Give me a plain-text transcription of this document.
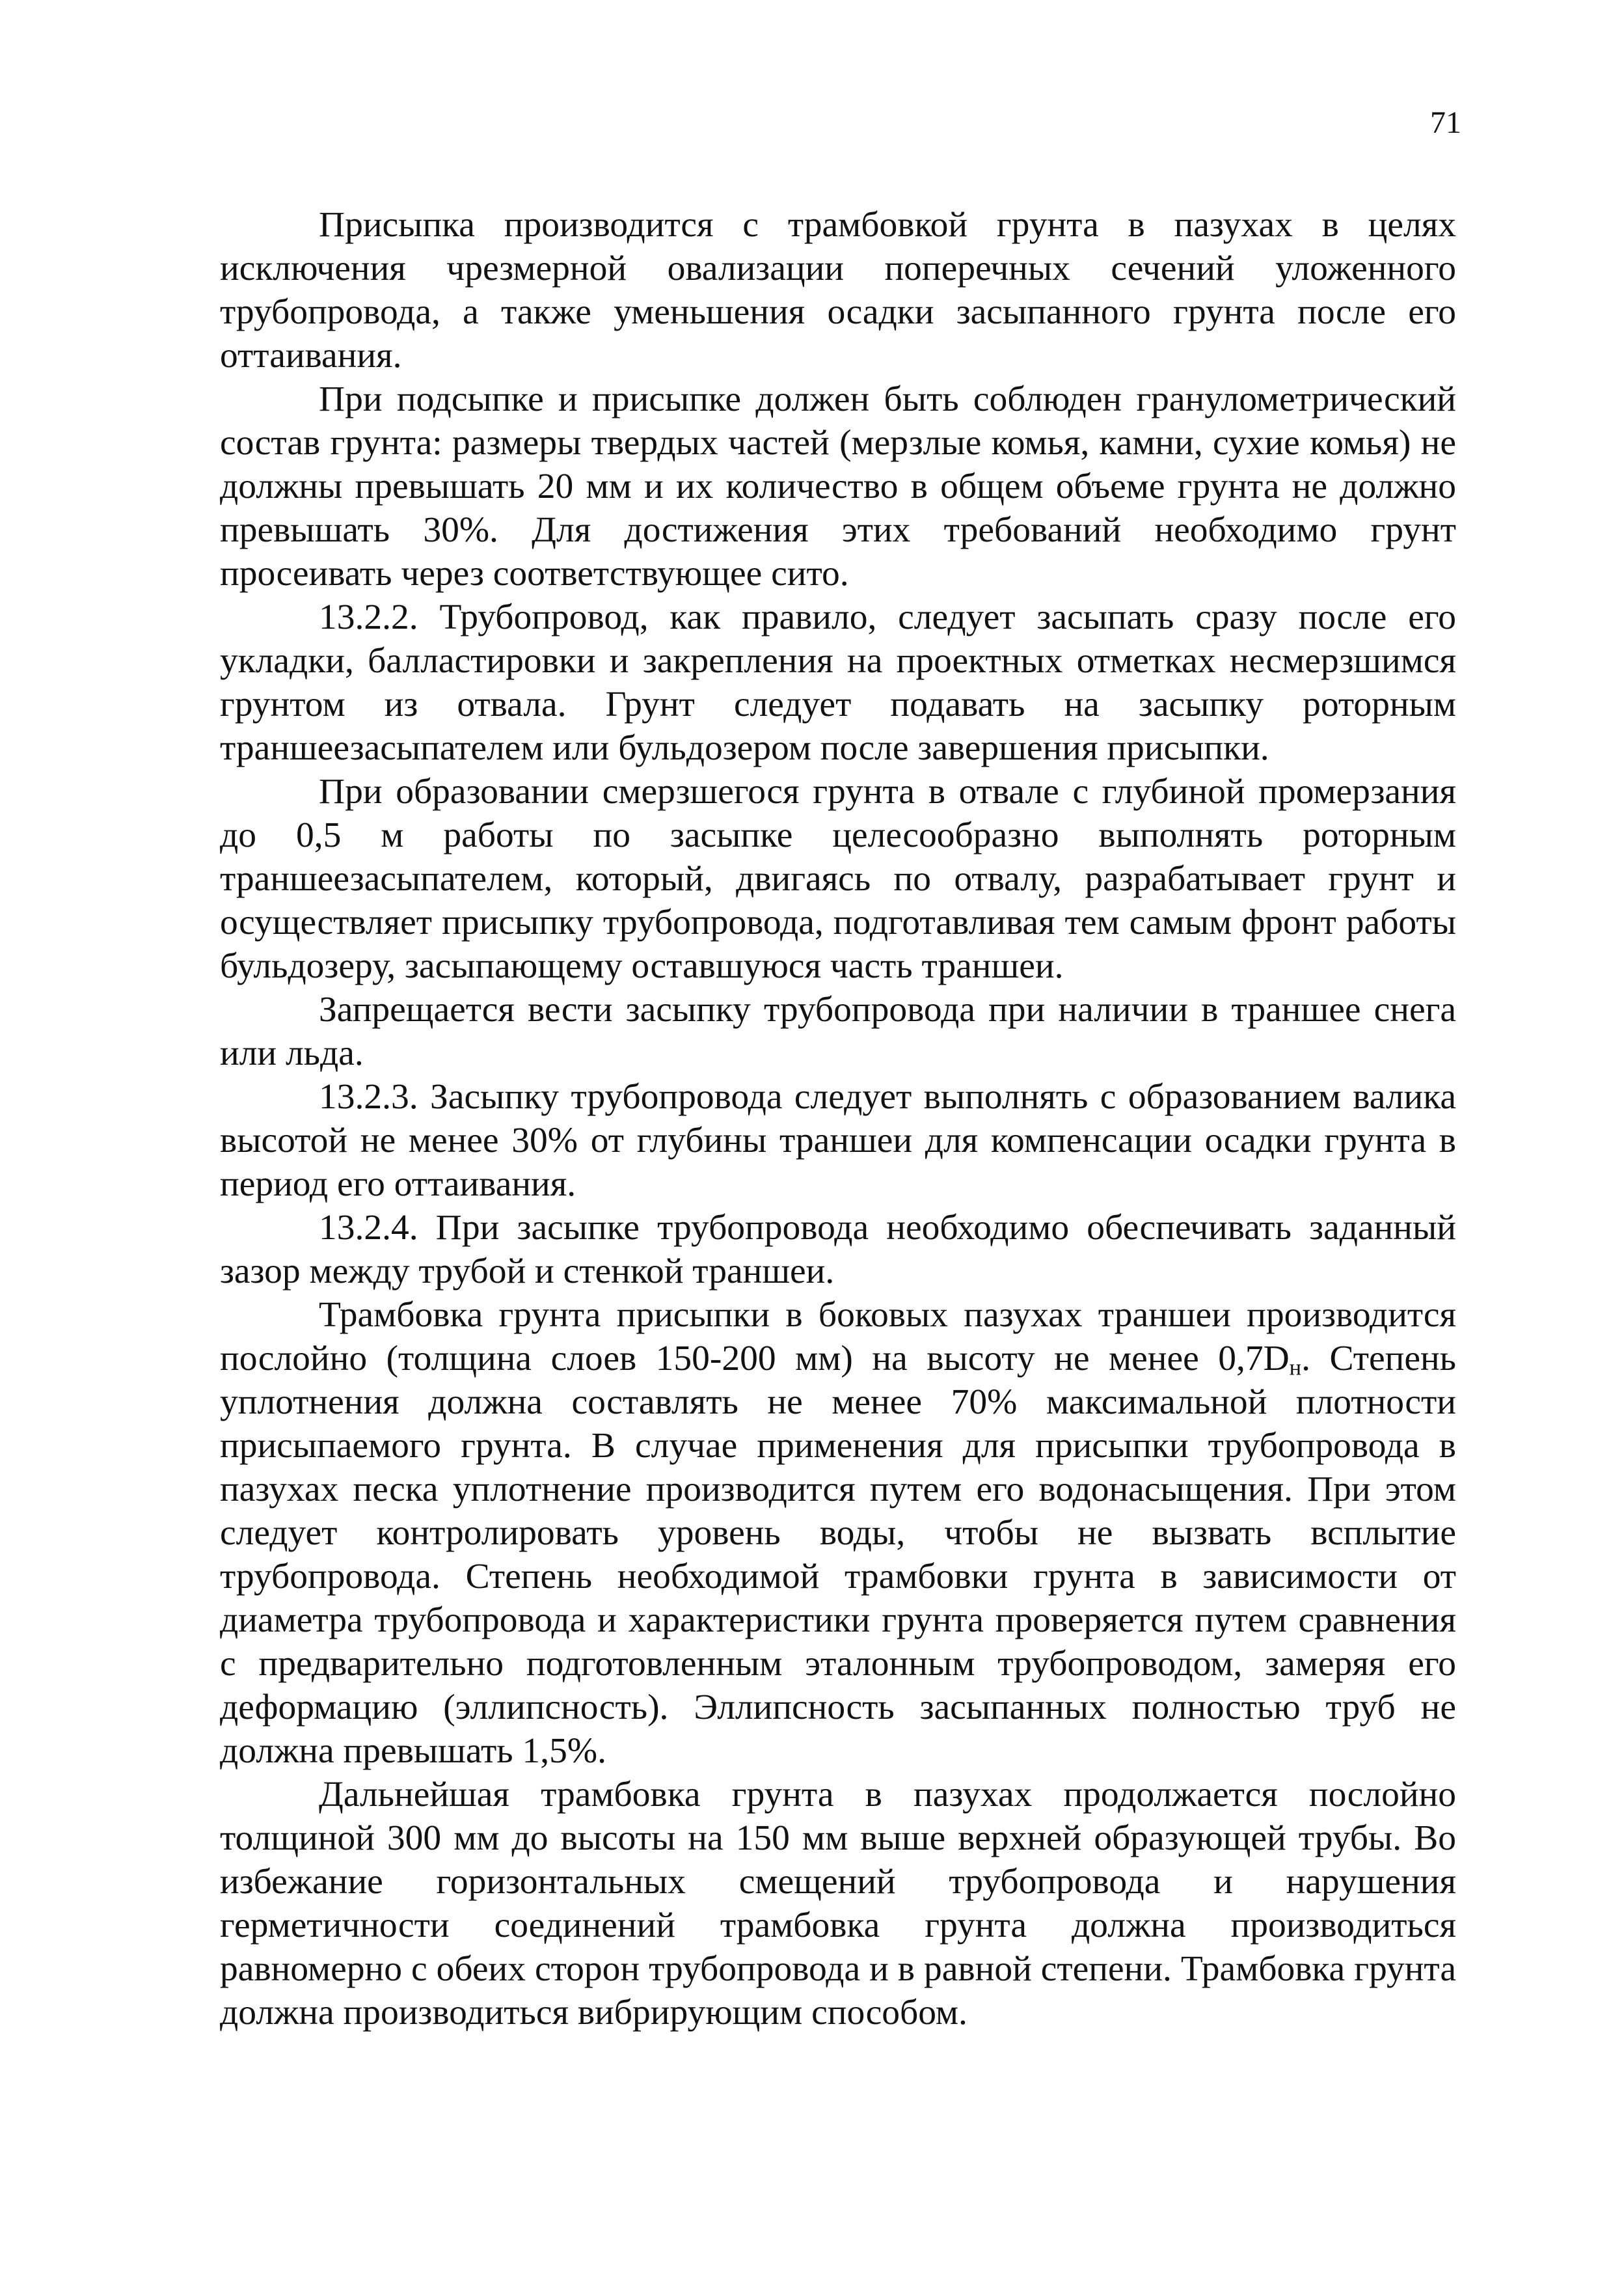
71

Присыпка производится с трамбовкой грунта в пазухах в целях исключения чрезмерной овализации поперечных сечений уложенного трубопровода, а также уменьшения осадки засыпанного грунта после его оттаивания.

При подсыпке и присыпке должен быть соблюден гранулометрический состав грунта: размеры твердых частей (мерзлые комья, камни, сухие комья) не должны превышать 20 мм и их количество в общем объеме грунта не должно превышать 30%. Для достижения этих требований необходимо грунт просеивать через соответствующее сито.

13.2.2. Трубопровод, как правило, следует засыпать сразу после его укладки, балластировки и закрепления на проектных отметках несмерзшимся грунтом из отвала. Грунт следует подавать на засыпку роторным траншеезасыпателем или бульдозером после завершения присыпки.

При образовании смерзшегося грунта в отвале с глубиной промерзания до 0,5 м работы по засыпке целесообразно выполнять роторным траншеезасыпателем, который, двигаясь по отвалу, разрабатывает грунт и осуществляет присыпку трубопровода, подготавливая тем самым фронт работы бульдозеру, засыпающему оставшуюся часть траншеи.

Запрещается вести засыпку трубопровода при наличии в траншее снега или льда.

13.2.3. Засыпку трубопровода следует выполнять с образованием валика высотой не менее 30% от глубины траншеи для компенсации осадки грунта в период его оттаивания.

13.2.4. При засыпке трубопровода необходимо обеспечивать заданный зазор между трубой и стенкой траншеи.

Трамбовка грунта присыпки в боковых пазухах траншеи производится послойно (толщина слоев 150-200 мм) на высоту не менее $0,7D_н$. Степень уплотнения должна составлять не менее 70% максимальной плотности присыпаемого грунта. В случае применения для присыпки трубопровода в пазухах песка уплотнение производится путем его водонасыщения. При этом следует контролировать уровень воды, чтобы не вызвать всплытие трубопровода. Степень необходимой трамбовки грунта в зависимости от диаметра трубопровода и характеристики грунта проверяется путем сравнения с предварительно подготовленным эталонным трубопроводом, замеряя его деформацию (эллипсность). Эллипсность засыпанных полностью труб не должна превышать 1,5%.

Дальнейшая трамбовка грунта в пазухах продолжается послойно толщиной 300 мм до высоты на 150 мм выше верхней образующей трубы. Во избежание горизонтальных смещений трубопровода и нарушения герметичности соединений трамбовка грунта должна производиться равномерно с обеих сторон трубопровода и в равной степени. Трамбовка грунта должна производиться вибрирующим способом.
